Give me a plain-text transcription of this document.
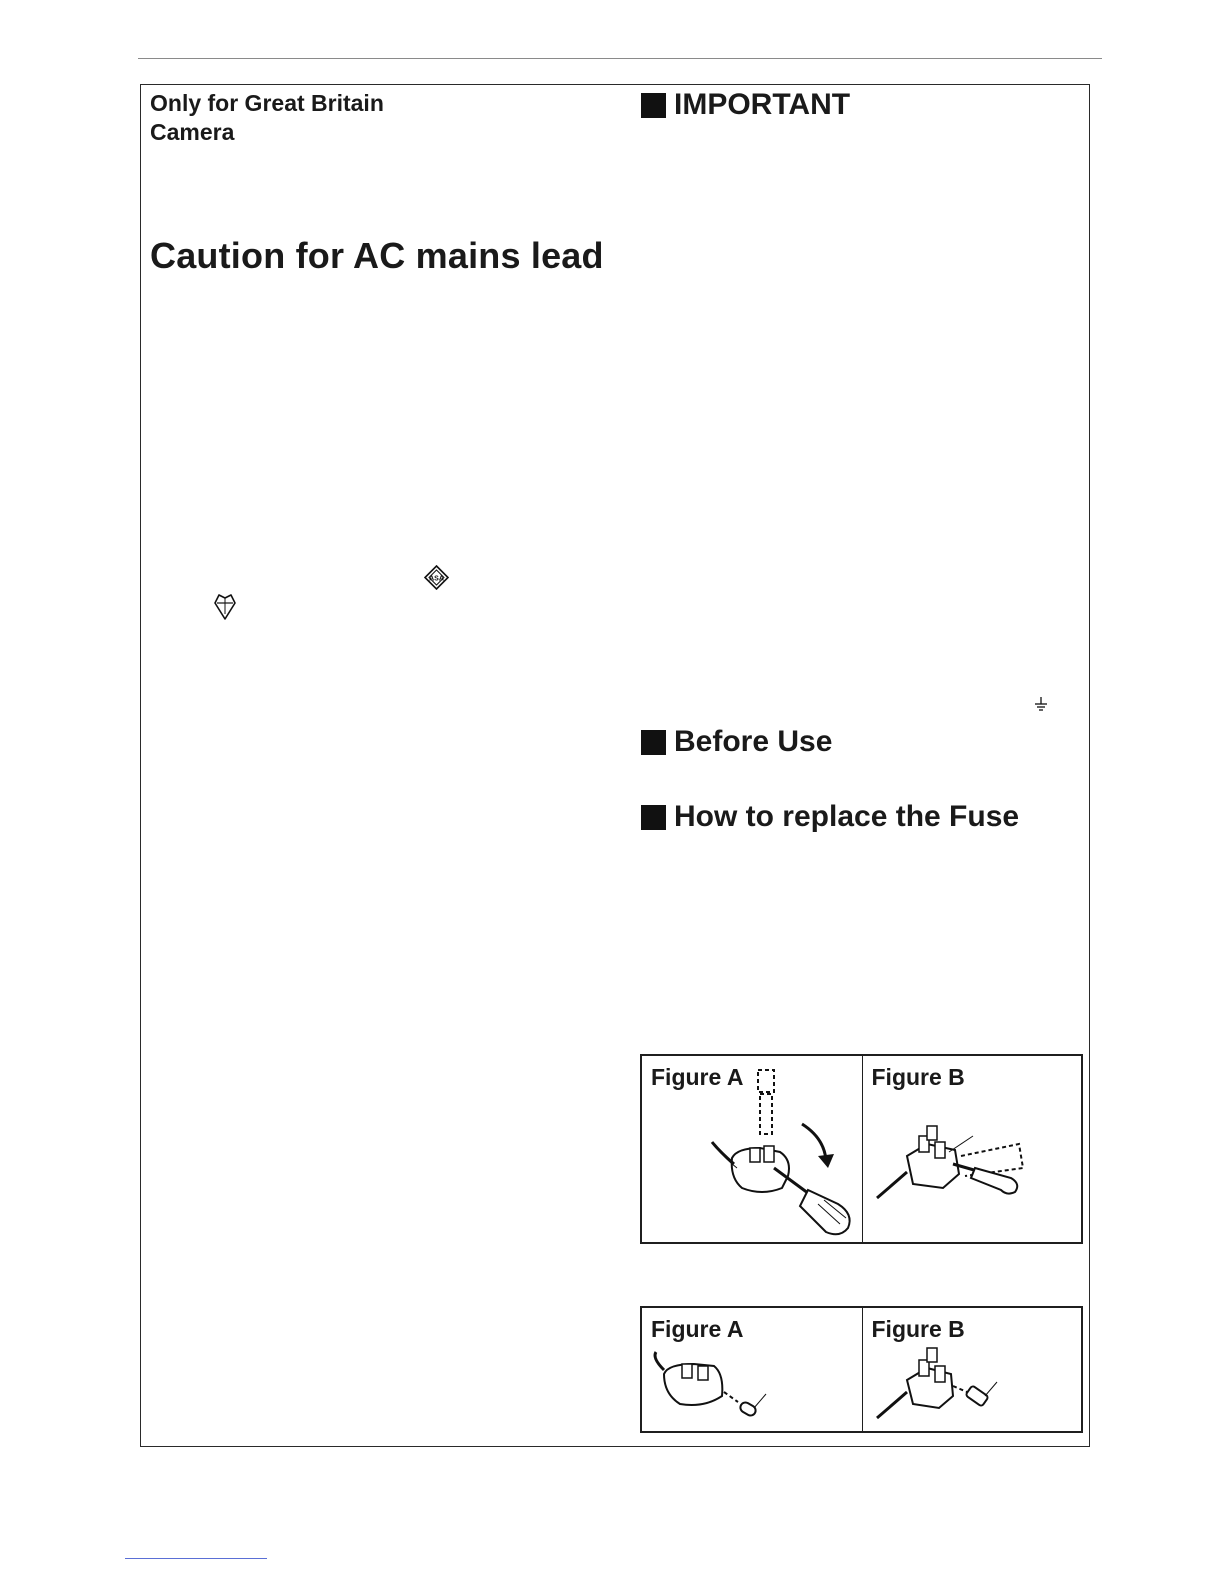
Only for Great Britain
Camera
Caution for AC mains lead
ASA
IMPORTANT
Before Use
How to replace the Fuse
Figure A	Figure B
Figure A	Figure B
